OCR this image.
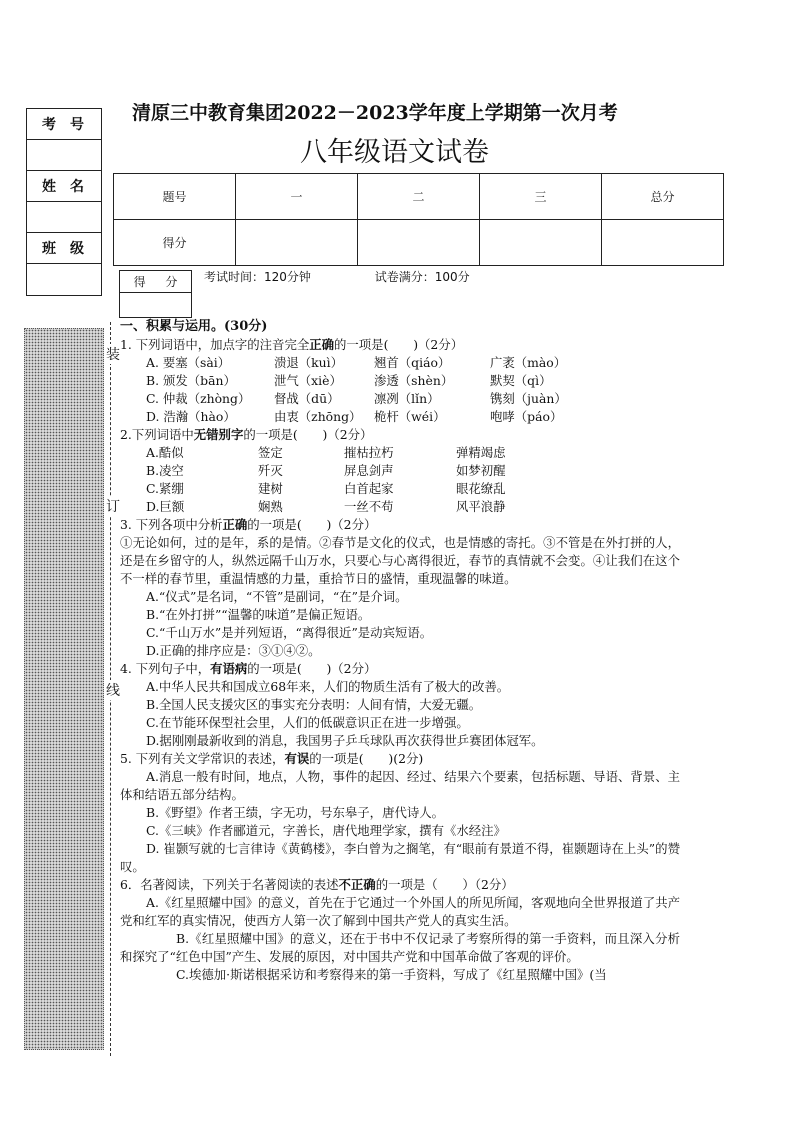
考号
姓名
班级
装
订
线
清原三中教育集团2022－2023学年度上学期第一次月考
八年级语文试卷
题号	一	二	三	总分
得分				
得 分	考试时间：120分钟	试卷满分：100分
一、积累与运用。(30分)
1. 下列词语中，加点字的注音完全正确的一项是(　　)（2分）
A. 要塞（sài）	溃退（kuì）	翘首（qiáo）	广袤（mào）
B. 颁发（bān）	泄气（xiè）	渗透（shèn）	默契（qì）
C. 仲裁（zhòng）	督战（dū）	凛冽（lǐn）	镌刻（juàn）
D. 浩瀚（hào）	由衷（zhōng）	桅杆（wéi）	咆哮（páo）
2.下列词语中无错别字的一项是(　　)（2分）
A.酷似	签定	摧枯拉朽	弹精竭虑
B.凌空	歼灭	屏息剑声	如梦初醒
C.紧绷	建树	白首起家	眼花缭乱
D.巨额	娴熟	一丝不苟	风平浪静
3. 下列各项中分析正确的一项是(　　)（2分）
①无论如何，过的是年，系的是情。②春节是文化的仪式，也是情感的寄托。③不管是在外打拼的人，还是在乡留守的人，纵然远隔千山万水，只要心与心离得很近，春节的真情就不会变。④让我们在这个不一样的春节里，重温情感的力量，重拾节日的盛情，重现温馨的味道。
A.“仪式”是名词，“不管”是副词，“在”是介词。
B.“在外打拼”“温馨的味道”是偏正短语。
C.“千山万水”是并列短语，“离得很近”是动宾短语。
D.正确的排序应是：③①④②。
4. 下列句子中，有语病的一项是(　　)（2分）
A.中华人民共和国成立68年来，人们的物质生活有了极大的改善。
B.全国人民支援灾区的事实充分表明：人间有情，大爱无疆。
C.在节能环保型社会里，人们的低碳意识正在进一步增强。
D.据刚刚最新收到的消息，我国男子乒乓球队再次获得世乒赛团体冠军。
5. 下列有关文学常识的表述，有误的一项是(　　)(2分)
A.消息一般有时间，地点，人物，事件的起因、经过、结果六个要素，包括标题、导语、背景、主体和结语五部分结构。
B.《野望》作者王绩，字无功，号东皋子，唐代诗人。
C.《三峡》作者郦道元，字善长，唐代地理学家，撰有《水经注》
D. 崔颢写就的七言律诗《黄鹤楼》，李白曾为之搁笔，有“眼前有景道不得，崔颢题诗在上头”的赞叹。
6．名著阅读，下列关于名著阅读的表述不正确的一项是（　　）（2分）
A.《红星照耀中国》的意义，首先在于它通过一个外国人的所见所闻，客观地向全世界报道了共产党和红军的真实情况，使西方人第一次了解到中国共产党人的真实生活。
B.《红星照耀中国》的意义，还在于书中不仅记录了考察所得的第一手资料，而且深入分析和探究了“红色中国”产生、发展的原因，对中国共产党和中国革命做了客观的评价。
C.埃德加·斯诺根据采访和考察得来的第一手资料，写成了《红星照耀中国》(当
